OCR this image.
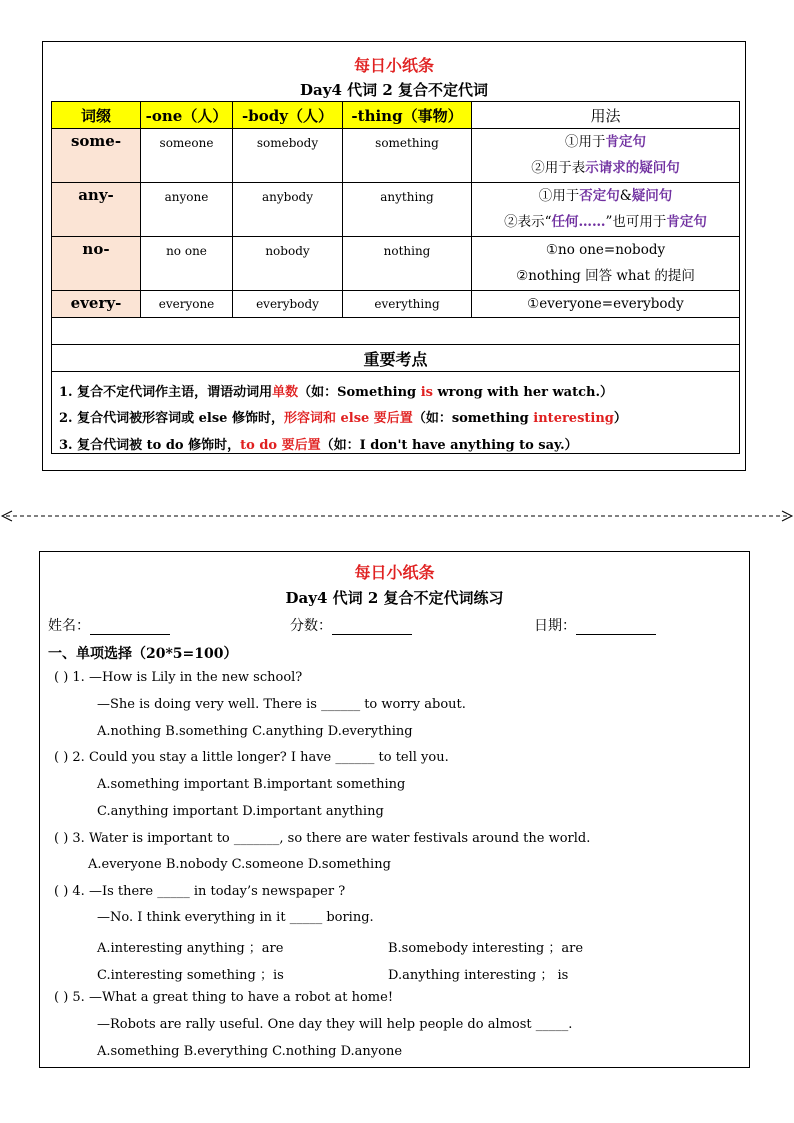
每日小纸条
Day4 代词 2 复合不定代词
词缀	-one（人）	-body（人）	-thing（事物）	用法
some-	someone	somebody	something	①用于肯定句
②用于表示请求的疑问句

any-	anyone	anybody	anything	①用于否定句&疑问句
②表示“任何……”也可用于肯定句

no-	no one	nobody	nothing	①no one=nobody
②nothing 回答 what 的提问

every-	everyone	everybody	everything	①everyone=everybody

重要考点				

1. 复合不定代词作主语，谓语动词用单数（如：Something is wrong with her watch.）
2. 复合代词被形容词或 else 修饰时，形容词和 else 要后置（如：something interesting）
3. 复合代词被 to do 修饰时，to do 要后置（如：I don't have anything to say.）
每日小纸条
Day4 代词 2 复合不定代词练习
姓名：	分数：	日期：
一、单项选择（20*5=100）
( ) 1. —How is Lily in the new school?
—She is doing very well. There is ______ to worry about.
A.nothing B.something C.anything D.everything
( ) 2. Could you stay a little longer? I have ______ to tell you.
A.something important B.important something
C.anything important D.important anything
( ) 3. Water is important to _______, so there are water festivals around the world.
A.everyone B.nobody C.someone D.something
( ) 4. —Is there _____ in today’s newspaper ?
—No. I think everything in it _____ boring.
A.interesting anything ；are	B.somebody interesting ；are
C.interesting something ；is	D.anything interesting ； is
( ) 5. —What a great thing to have a robot at home!
—Robots are rally useful. One day they will help people do almost _____.
A.something B.everything C.nothing D.anyone
